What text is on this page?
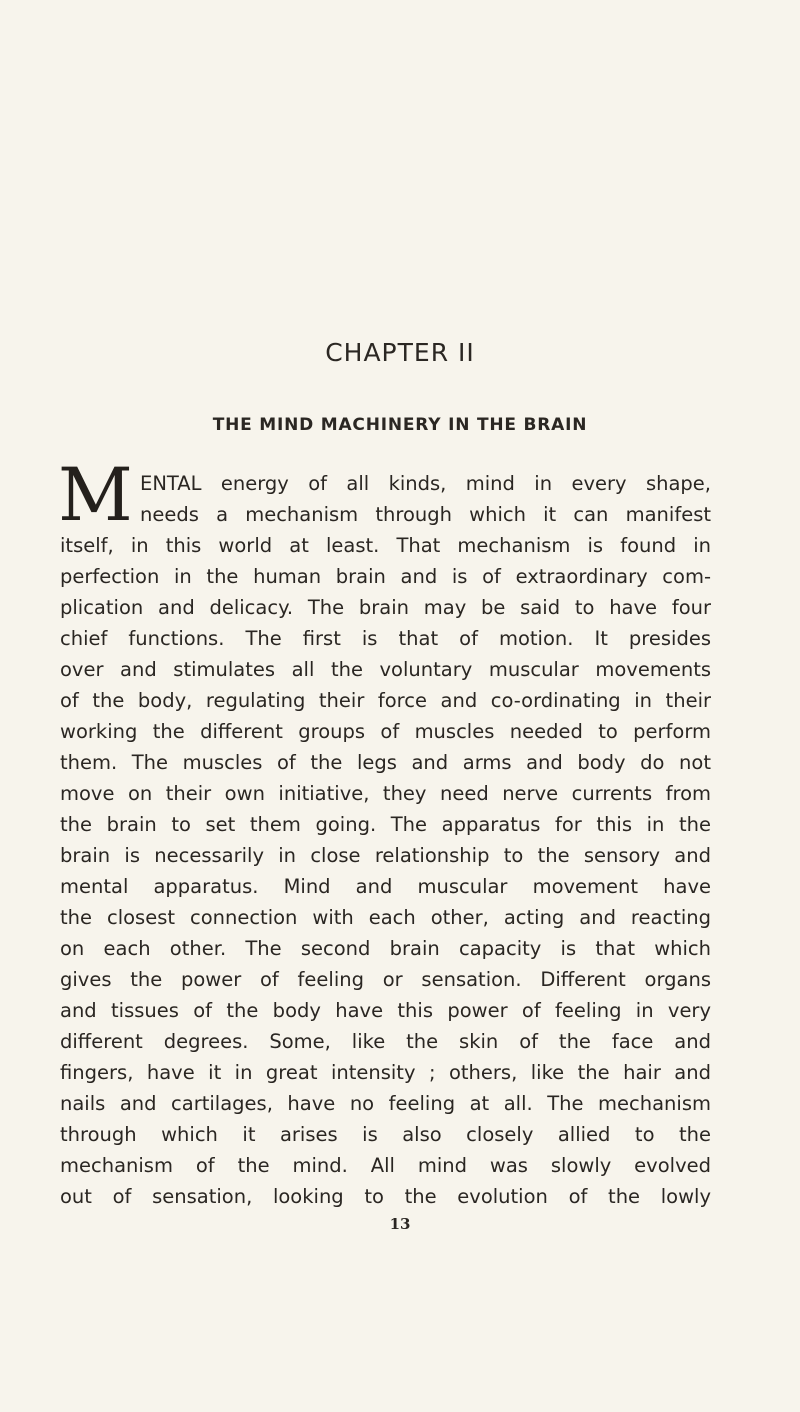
CHAPTER II
THE MIND MACHINERY IN THE BRAIN
M ENTAL energy of all kinds, mind in every shape,
needs a mechanism through which it can manifest
itself, in this world at least. That mechanism is found in
perfection in the human brain and is of extraordinary com-
plication and delicacy. The brain may be said to have four
chief functions. The first is that of motion. It presides
over and stimulates all the voluntary muscular movements
of the body, regulating their force and co-ordinating in their
working the different groups of muscles needed to perform
them. The muscles of the legs and arms and body do not
move on their own initiative, they need nerve currents from
the brain to set them going. The apparatus for this in the
brain is necessarily in close relationship to the sensory and
mental apparatus. Mind and muscular movement have
the closest connection with each other, acting and reacting
on each other. The second brain capacity is that which
gives the power of feeling or sensation. Different organs
and tissues of the body have this power of feeling in very
different degrees. Some, like the skin of the face and
fingers, have it in great intensity ; others, like the hair and
nails and cartilages, have no feeling at all. The mechanism
through which it arises is also closely allied to the
mechanism of the mind. All mind was slowly evolved
out of sensation, looking to the evolution of the lowly
13
